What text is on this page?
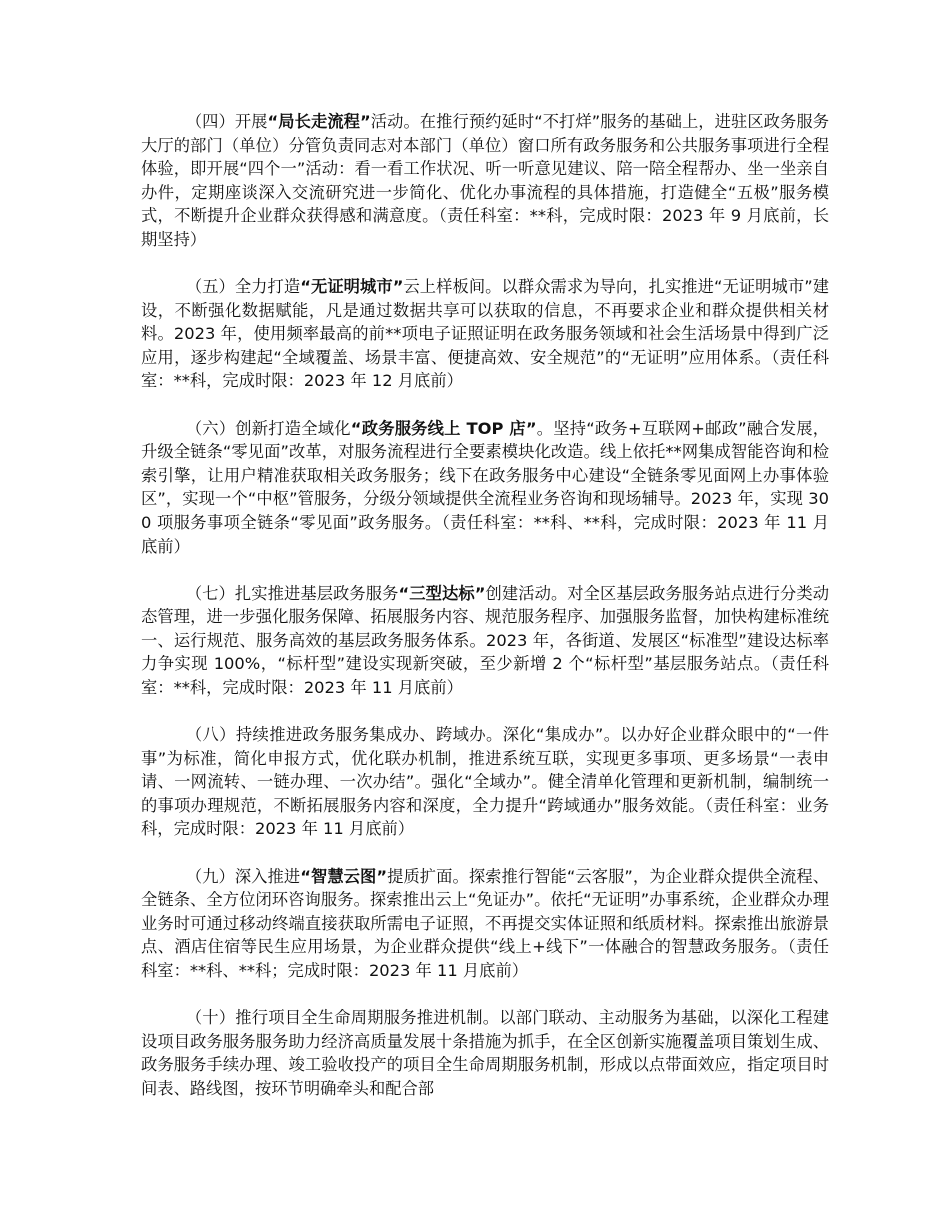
（四）开展“局长走流程”活动。在推行预约延时“不打烊”服务的基础上，进驻区政务服务大厅的部门（单位）分管负责同志对本部门（单位）窗口所有政务服务和公共服务事项进行全程体验，即开展“四个一”活动：看一看工作状况、听一听意见建议、陪一陪全程帮办、坐一坐亲自办件，定期座谈深入交流研究进一步简化、优化办事流程的具体措施，打造健全“五极”服务模式，不断提升企业群众获得感和满意度。（责任科室：**科，完成时限：2023 年 9 月底前，长期坚持）

（五）全力打造“无证明城市”云上样板间。以群众需求为导向，扎实推进“无证明城市”建设，不断强化数据赋能，凡是通过数据共享可以获取的信息，不再要求企业和群众提供相关材料。2023 年，使用频率最高的前**项电子证照证明在政务服务领域和社会生活场景中得到广泛应用，逐步构建起“全域覆盖、场景丰富、便捷高效、安全规范”的“无证明”应用体系。（责任科室：**科，完成时限：2023 年 12 月底前）

（六）创新打造全域化“政务服务线上 TOP 店”。坚持“政务+互联网+邮政”融合发展，升级全链条“零见面”改革，对服务流程进行全要素模块化改造。线上依托**网集成智能咨询和检索引擎，让用户精准获取相关政务服务；线下在政务服务中心建设“全链条零见面网上办事体验区”，实现一个“中枢”管服务，分级分领域提供全流程业务咨询和现场辅导。2023 年，实现 300 项服务事项全链条“零见面”政务服务。（责任科室：**科、**科，完成时限：2023 年 11 月底前）

（七）扎实推进基层政务服务“三型达标”创建活动。对全区基层政务服务站点进行分类动态管理，进一步强化服务保障、拓展服务内容、规范服务程序、加强服务监督，加快构建标准统一、运行规范、服务高效的基层政务服务体系。2023 年，各街道、发展区“标准型”建设达标率力争实现 100%，“标杆型”建设实现新突破，至少新增 2 个“标杆型”基层服务站点。（责任科室：**科，完成时限：2023 年 11 月底前）

（八）持续推进政务服务集成办、跨域办。深化“集成办”。以办好企业群众眼中的“一件事”为标准，简化申报方式，优化联办机制，推进系统互联，实现更多事项、更多场景“一表申请、一网流转、一链办理、一次办结”。强化“全域办”。健全清单化管理和更新机制，编制统一的事项办理规范，不断拓展服务内容和深度，全力提升“跨域通办”服务效能。（责任科室：业务科，完成时限：2023 年 11 月底前）

（九）深入推进“智慧云图”提质扩面。探索推行智能“云客服”，为企业群众提供全流程、全链条、全方位闭环咨询服务。探索推出云上“免证办”。依托“无证明”办事系统，企业群众办理业务时可通过移动终端直接获取所需电子证照，不再提交实体证照和纸质材料。探索推出旅游景点、酒店住宿等民生应用场景，为企业群众提供“线上+线下”一体融合的智慧政务服务。（责任科室：**科、**科；完成时限：2023 年 11 月底前）

（十）推行项目全生命周期服务推进机制。以部门联动、主动服务为基础，以深化工程建设项目政务服务服务助力经济高质量发展十条措施为抓手，在全区创新实施覆盖项目策划生成、政务服务手续办理、竣工验收投产的项目全生命周期服务机制，形成以点带面效应，指定项目时间表、路线图，按环节明确牵头和配合部
